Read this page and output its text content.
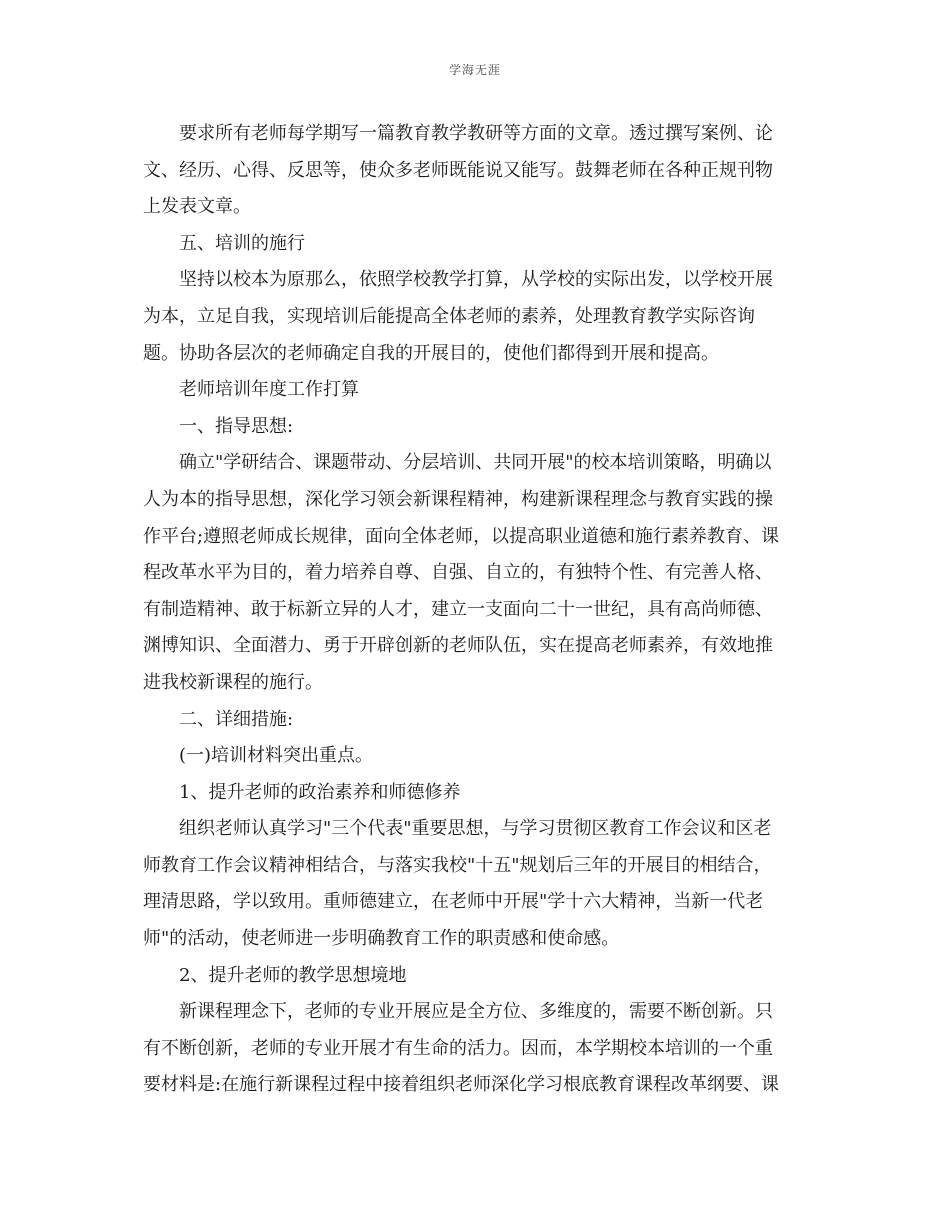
学海无涯
要求所有老师每学期写一篇教育教学教研等方面的文章。透过撰写案例、论
文、经历、心得、反思等，使众多老师既能说又能写。鼓舞老师在各种正规刊物
上发表文章。
五、培训的施行
坚持以校本为原那么，依照学校教学打算，从学校的实际出发，以学校开展
为本，立足自我，实现培训后能提高全体老师的素养，处理教育教学实际咨询
题。协助各层次的老师确定自我的开展目的，使他们都得到开展和提高。
老师培训年度工作打算
一、指导思想:
确立"学研结合、课题带动、分层培训、共同开展"的校本培训策略，明确以
人为本的指导思想，深化学习领会新课程精神，构建新课程理念与教育实践的操
作平台;遵照老师成长规律，面向全体老师，以提高职业道德和施行素养教育、课
程改革水平为目的，着力培养自尊、自强、自立的，有独特个性、有完善人格、
有制造精神、敢于标新立异的人才，建立一支面向二十一世纪，具有高尚师德、
渊博知识、全面潜力、勇于开辟创新的老师队伍，实在提高老师素养，有效地推
进我校新课程的施行。
二、详细措施:
(一)培训材料突出重点。
1、提升老师的政治素养和师德修养
组织老师认真学习"三个代表"重要思想，与学习贯彻区教育工作会议和区老
师教育工作会议精神相结合，与落实我校"十五"规划后三年的开展目的相结合，
理清思路，学以致用。重师德建立，在老师中开展"学十六大精神，当新一代老
师"的活动，使老师进一步明确教育工作的职责感和使命感。
2、提升老师的教学思想境地
新课程理念下，老师的专业开展应是全方位、多维度的，需要不断创新。只
有不断创新，老师的专业开展才有生命的活力。因而，本学期校本培训的一个重
要材料是:在施行新课程过程中接着组织老师深化学习根底教育课程改革纲要、课
